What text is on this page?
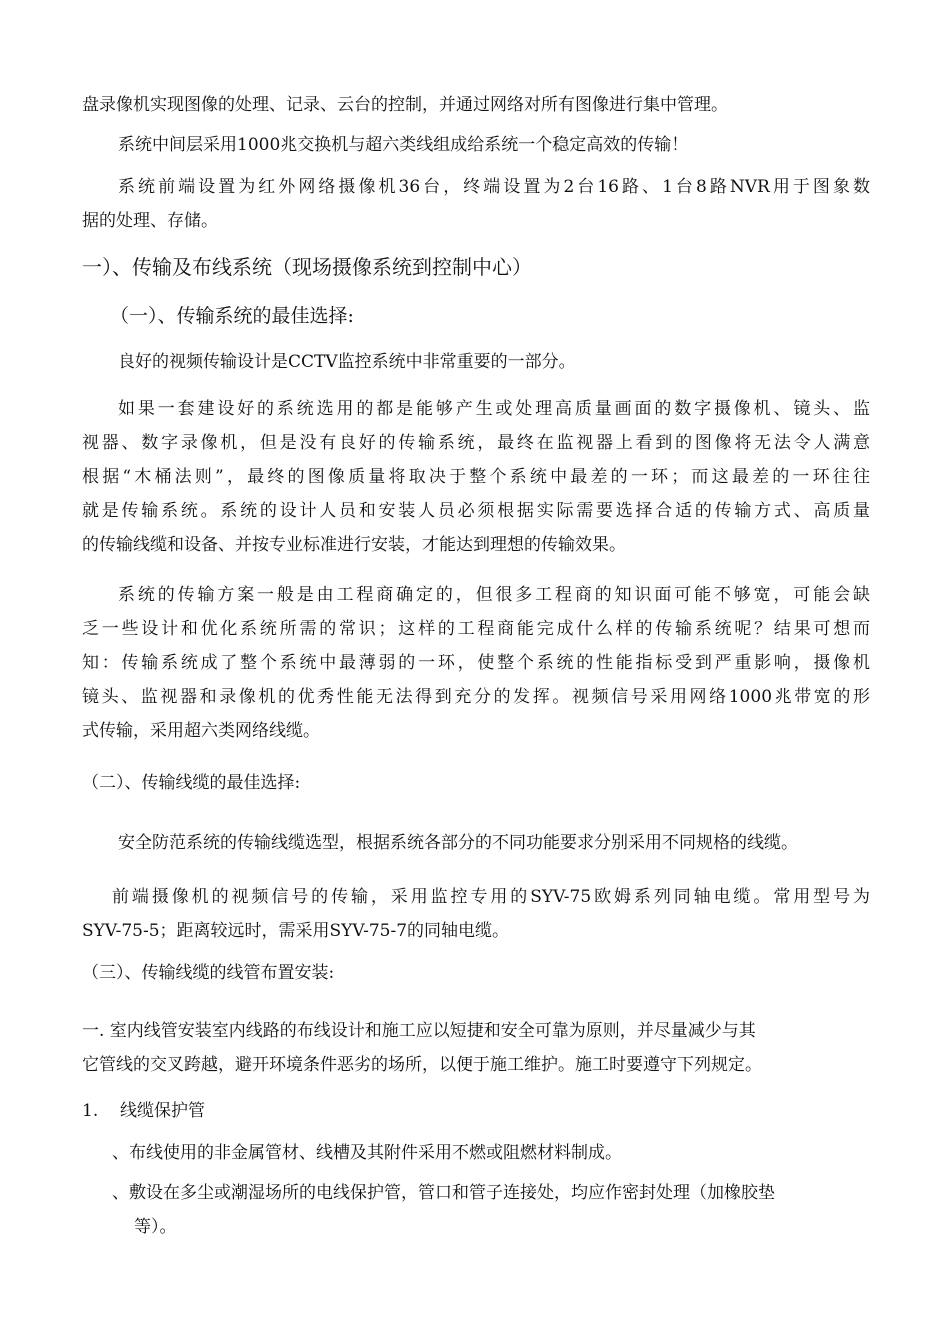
盘录像机实现图像的处理、记录、云台的控制，并通过网络对所有图像进行集中管理。
系统中间层采用1000兆交换机与超六类线组成给系统一个稳定高效的传输！
系统前端设置为红外网络摄像机36台，终端设置为2台16路、1台8路NVR用于图象数
据的处理、存储。
一）、传输及布线系统（现场摄像系统到控制中心）
（一）、传输系统的最佳选择:
良好的视频传输设计是CCTV监控系统中非常重要的一部分。
如果一套建设好的系统选用的都是能够产生或处理高质量画面的数字摄像机、镜头、监
视器、数字录像机，但是没有良好的传输系统，最终在监视器上看到的图像将无法令人满意
根据“木桶法则”，最终的图像质量将取决于整个系统中最差的一环；而这最差的一环往往
就是传输系统。系统的设计人员和安装人员必须根据实际需要选择合适的传输方式、高质量
的传输线缆和设备、并按专业标准进行安装，才能达到理想的传输效果。
系统的传输方案一般是由工程商确定的，但很多工程商的知识面可能不够宽，可能会缺
乏一些设计和优化系统所需的常识；这样的工程商能完成什么样的传输系统呢？结果可想而
知：传输系统成了整个系统中最薄弱的一环，使整个系统的性能指标受到严重影响，摄像机
镜头、监视器和录像机的优秀性能无法得到充分的发挥。视频信号采用网络1000兆带宽的形
式传输，采用超六类网络线缆。
（二）、传输线缆的最佳选择:
安全防范系统的传输线缆选型，根据系统各部分的不同功能要求分别采用不同规格的线缆。
前端摄像机的视频信号的传输，采用监控专用的SYV-75欧姆系列同轴电缆。常用型号为
SYV-75-5；距离较远时，需采用SYV-75-7的同轴电缆。
（三）、传输线缆的线管布置安装:
一. 室内线管安装室内线路的布线设计和施工应以短捷和安全可靠为原则，并尽量减少与其
它管线的交叉跨越，避开环境条件恶劣的场所，以便于施工维护。施工时要遵守下列规定。
1. 线缆保护管
、布线使用的非金属管材、线槽及其附件采用不燃或阻燃材料制成。
、敷设在多尘或潮湿场所的电线保护管，管口和管子连接处，均应作密封处理（加橡胶垫
等）。
